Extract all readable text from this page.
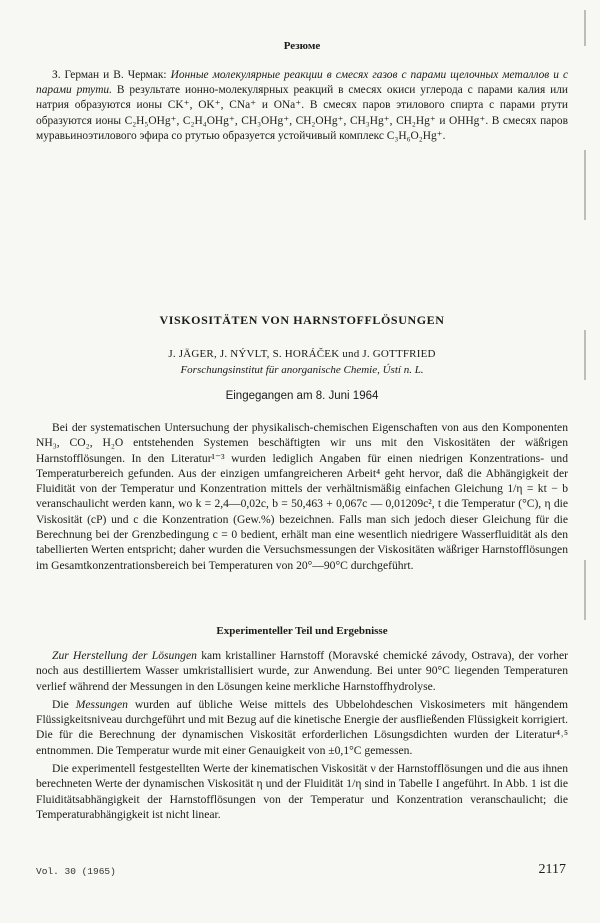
Резюме
З. Герман и В. Чермак: Ионные молекулярные реакции в смесях газов с парами щелочных металлов и с парами ртути. В результате ионно-молекулярных реакций в смесях окиси углерода с парами калия или натрия образуются ионы CK⁺, OK⁺, CNa⁺ и ONa⁺. В смесях паров этилового спирта с парами ртути образуются ионы C₂H₅OHg⁺, C₂H₄OHg⁺, CH₃OHg⁺, CH₂OHg⁺, CH₃Hg⁺, CH₂Hg⁺ и OHHg⁺. В смесях паров муравьиноэтилового эфира со ртутью образуется устойчивый комплекс C₃H₆O₂Hg⁺.
VISKOSITÄTEN VON HARNSTOFFLÖSUNGEN
J. JÄGER, J. NÝVLT, S. HORÁČEK und J. GOTTFRIED
Forschungsinstitut für anorganische Chemie, Ústí n. L.
Eingegangen am 8. Juni 1964

Bei der systematischen Untersuchung der physikalisch-chemischen Eigenschaften von aus den Komponenten NH₃, CO₂, H₂O entstehenden Systemen beschäftigten wir uns mit den Viskositäten der wäßrigen Harnstofflösungen. In den Literatur¹⁻³ wurden lediglich Angaben für einen niedrigen Konzentrations- und Temperaturbereich gefunden. Aus der einzigen umfangreicheren Arbeit⁴ geht hervor, daß die Abhängigkeit der Fluidität von der Temperatur und Konzentration mittels der verhältnismäßig einfachen Gleichung 1/η = kt − b veranschaulicht werden kann, wo k = 2,4—0,02c, b = 50,463 + 0,067c — 0,01209c², t die Temperatur (°C), η die Viskosität (cP) und c die Konzentration (Gew.%) bezeichnen. Falls man sich jedoch dieser Gleichung für die Berechnung bei der Grenzbedingung c = 0 bedient, erhält man eine wesentlich niedrigere Wasserfluidität als den tabellierten Werten entspricht; daher wurden die Versuchsmessungen der Viskositäten wäßriger Harnstofflösungen im Gesamtkonzentrationsbereich bei Temperaturen von 20°—90°C durchgeführt.

Experimenteller Teil und Ergebnisse

Zur Herstellung der Lösungen kam kristalliner Harnstoff (Moravské chemické závody, Ostrava), der vorher noch aus destilliertem Wasser umkristallisiert wurde, zur Anwendung. Bei unter 90°C liegenden Temperaturen verlief während der Messungen in den Lösungen keine merkliche Harnstoffhydrolyse.

Die Messungen wurden auf übliche Weise mittels des Ubbelohdeschen Viskosimeters mit hängendem Flüssigkeitsniveau durchgeführt und mit Bezug auf die kinetische Energie der ausfließenden Flüssigkeit korrigiert. Die für die Berechnung der dynamischen Viskosität erforderlichen Lösungsdichten wurden der Literatur⁴˒⁵ entnommen. Die Temperatur wurde mit einer Genauigkeit von ±0,1°C gemessen.

Die experimentell festgestellten Werte der kinematischen Viskosität ν der Harnstofflösungen und die aus ihnen berechneten Werte der dynamischen Viskosität η und der Fluidität 1/η sind in Tabelle I angeführt. In Abb. 1 ist die Fluiditätsabhängigkeit der Harnstofflösungen von der Temperatur und Konzentration veranschaulicht; die Temperaturabhängigkeit ist nicht linear.

Vol. 30 (1965)	2117
